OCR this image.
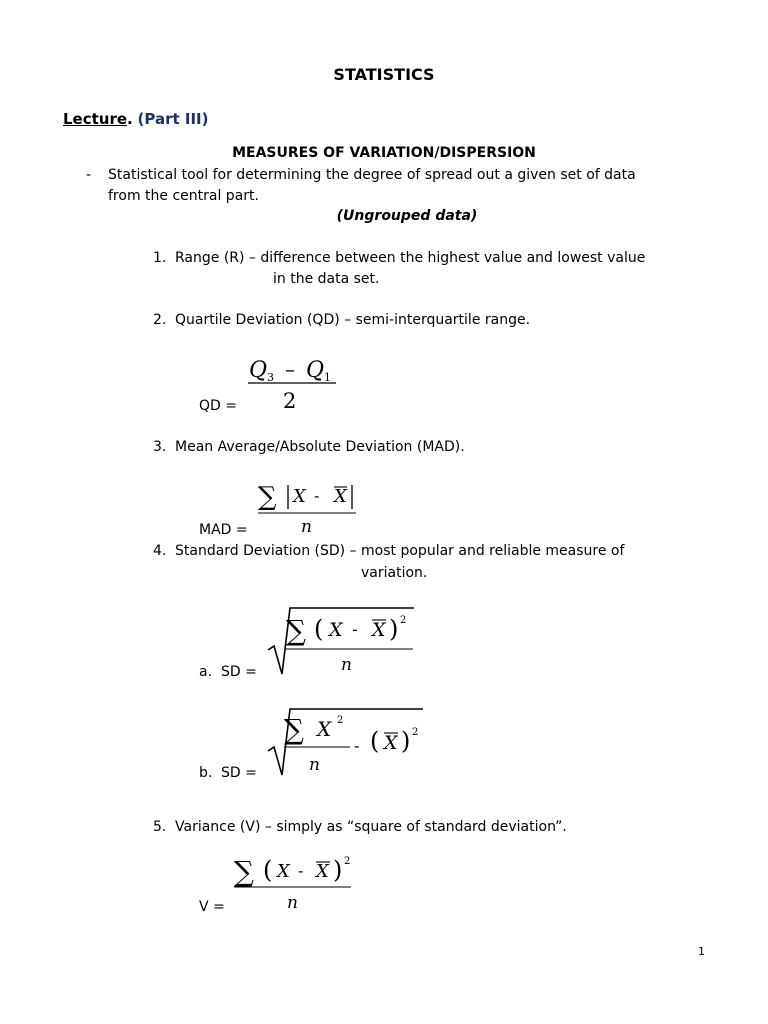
STATISTICS
Lecture. (Part III)
MEASURES OF VARIATION/DISPERSION
- Statistical tool for determining the degree of spread out a given set of data
from the central part.
(Ungrouped data)
1. Range (R) – difference between the highest value and lowest value
in the data set.
2. Quartile Deviation (QD) – semi-interquartile range.
QD =
Q 3 – Q 1
2
3. Mean Average/Absolute Deviation (MAD).
MAD =
∑ X - X
n
4. Standard Deviation (SD) – most popular and reliable measure of
variation.
a. SD =
∑ ( X - X ) 2
n
b. SD =
∑ X 2
n
- ( X ) 2
5. Variance (V) – simply as “square of standard deviation”.
V =
∑ ( X - X ) 2
n
1
